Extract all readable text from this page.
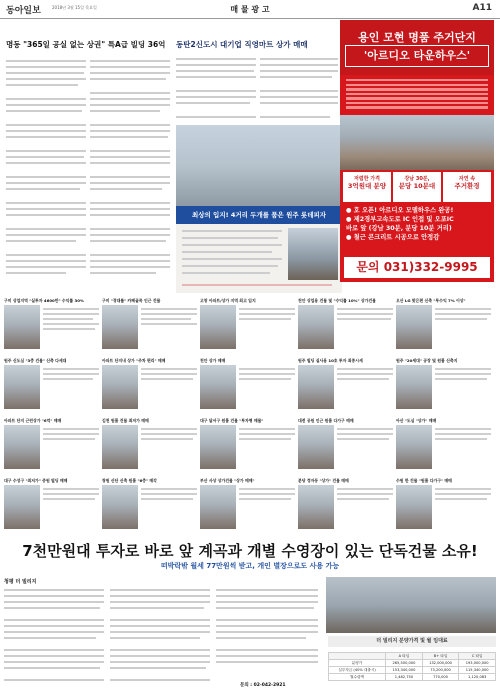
동아일보	2018년 3월 15일 목요일	매 물 광 고	A11
명동 "365일 공실 없는 상권" 특A급 빌딩 36억 동탄2신도시 대기업 직영마트 상가 매매
최상의 입지! 4거리 두개를 품은 원주 롯데피자
용인 모현 명품 주거단지
'아르디오 타운하우스'
저렴한 가격
3억원대 분양
강남 30분,
분당 10분대
자연 속
주거환경
● 호 오픈! 아르디오 모델하우스 완공!
● 제2경부고속도로 IC 인접 및 오포IC
바로 앞 (강남 30분, 분당 10분 거리)
● 철근 콘크리트 시공으로 안정감
문의 031)332-9995
구미 상업지역 "실투자 4600만" 수익률 30%	구미 "경대를" 카페골목 인근 건물	고창 아파트/상가 지역 최고 입지	천안 상업용 건물 및 "수익률 10%" 상가건물	오산 LG 맞은편 신축 "투수익 7% 이상"
원주 신도심 "3층 건물" 신축 다세대	아파트 단지내 상가 "주차 편리" 매매	천안 상가 매매	원주 빌딩 실사용 10호 투자 최종시세	원주 "20세대" 공장 및 원룸 신축지
아파트 단지 근린상가 "6억" 매매	김천 원룸 건물 최저가 매매	대구 달서구 원룸 건물 "투자형 매물"	대전 공원 인근 원룸 다가구 매매	아산 "도심 "상가" 매매
대구 수성구 "최저가" 중원 빌딩 매매	창원 산단 신축 원룸 "6층" 매각	부산 사상 상가건물 "상가 매매"	분당 정자동 "상가" 건물 매매	수원 한 건물 "원룸 다가구" 매매
7천만원대 투자로 바로 앞 계곡과 개별 수영장이 있는 단독건물 소유!
떠박락밖 월세 77만원씩 받고, 개인 별장으로도 사용 가능
청평 더 빌리지
문의 : 02-042-2921
더 빌리지 분양가격 및 월 임대료
	A 타입	B+ 타입	C 타입
분양가	265,500,000	132,000,000	193,000,000
실투자금 (40% 대출시)	153,340,000	73,200,000	115,340,000
월수령액	1,482,750	770,000	1,120,083
